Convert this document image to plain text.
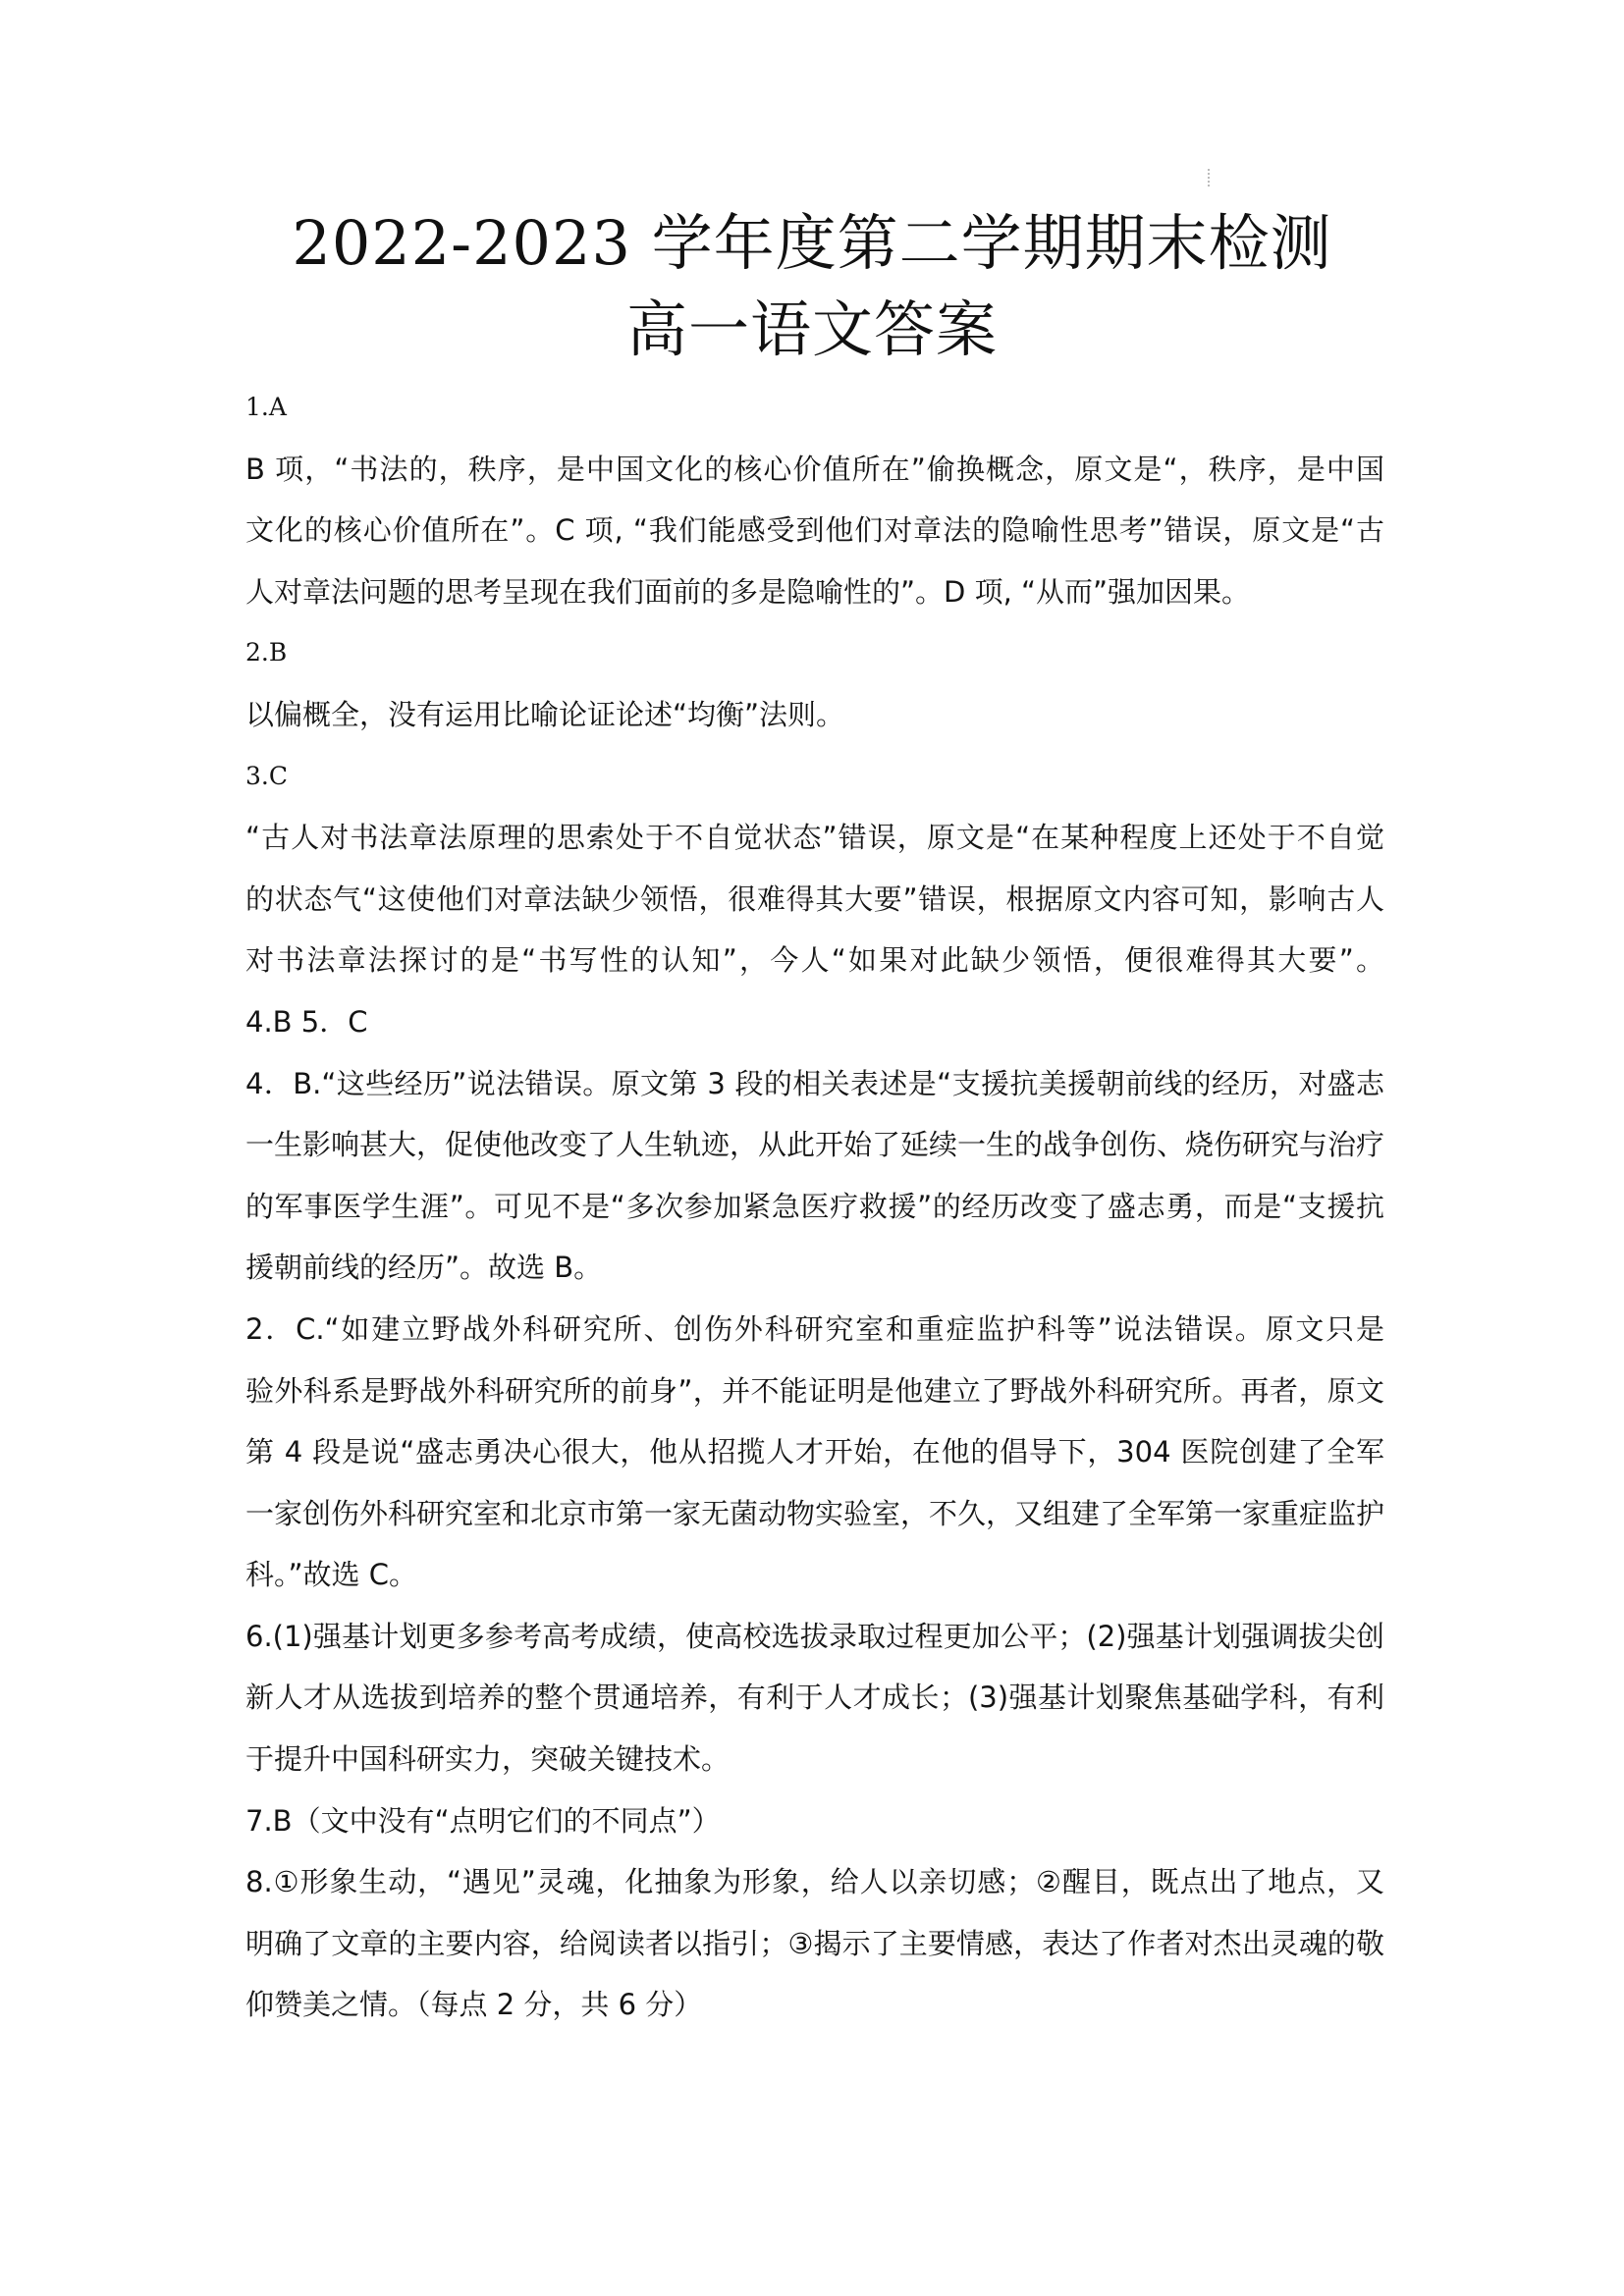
2022-2023 学年度第二学期期末检测
高一语文答案
1.A
B 项，“书法的，秩序，是中国文化的核心价值所在”偷换概念，原文是“，秩序，是中国
文化的核心价值所在”。C 项, “我们能感受到他们对章法的隐喻性思考”错误，原文是“古
人对章法问题的思考呈现在我们面前的多是隐喻性的”。D 项, “从而”强加因果。
2.B
以偏概全，没有运用比喻论证论述“均衡”法则。
3.C
“古人对书法章法原理的思索处于不自觉状态”错误，原文是“在某种程度上还处于不自觉
的状态气“这使他们对章法缺少领悟，很难得其大要”错误，根据原文内容可知，影响古人
对书法章法探讨的是“书写性的认知”，今人“如果对此缺少领悟，便很难得其大要”。
4.B 5．C
4．B.“这些经历”说法错误。原文第 3 段的相关表述是“支援抗美援朝前线的经历，对盛志
一生影响甚大，促使他改变了人生轨迹，从此开始了延续一生的战争创伤、烧伤研究与治疗
的军事医学生涯”。可见不是“多次参加紧急医疗救援”的经历改变了盛志勇，而是“支援抗
援朝前线的经历”。故选 B。
2．C.“如建立野战外科研究所、创伤外科研究室和重症监护科等”说法错误。原文只是
验外科系是野战外科研究所的前身”，并不能证明是他建立了野战外科研究所。再者，原文
第 4 段是说“盛志勇决心很大，他从招揽人才开始，在他的倡导下，304 医院创建了全军
一家创伤外科研究室和北京市第一家无菌动物实验室，不久，又组建了全军第一家重症监护
科。”故选 C。
6.(1)强基计划更多参考高考成绩，使高校选拔录取过程更加公平；(2)强基计划强调拔尖创
新人才从选拔到培养的整个贯通培养，有利于人才成长；(3)强基计划聚焦基础学科，有利
于提升中国科研实力，突破关键技术。
7.B（文中没有“点明它们的不同点”）
8.①形象生动，“遇见”灵魂，化抽象为形象，给人以亲切感；②醒目，既点出了地点，又
明确了文章的主要内容，给阅读者以指引；③揭示了主要情感，表达了作者对杰出灵魂的敬
仰赞美之情。（每点 2 分，共 6 分）
